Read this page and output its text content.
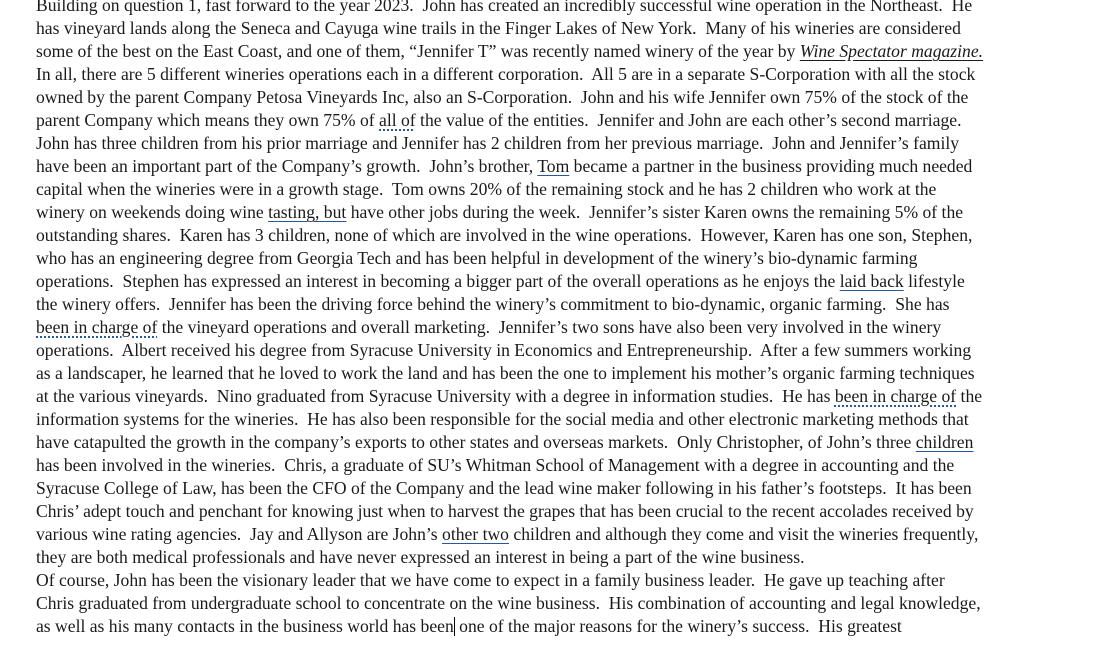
Building on question 1, fast forward to the year 2023.  John has created an incredibly successful wine operation in the Northeast.  He
has vineyard lands along the Seneca and Cayuga wine trails in the Finger Lakes of New York.  Many of his wineries are considered
some of the best on the East Coast, and one of them, “Jennifer T” was recently named winery of the year by Wine Spectator magazine.
In all, there are 5 different wineries operations each in a different corporation.  All 5 are in a separate S-Corporation with all the stock
owned by the parent Company Petosa Vineyards Inc, also an S-Corporation.  John and his wife Jennifer own 75% of the stock of the
parent Company which means they own 75% of all of the value of the entities.  Jennifer and John are each other’s second marriage.
John has three children from his prior marriage and Jennifer has 2 children from her previous marriage.  John and Jennifer’s family
have been an important part of the Company’s growth.  John’s brother, Tom became a partner in the business providing much needed
capital when the wineries were in a growth stage.  Tom owns 20% of the remaining stock and he has 2 children who work at the
winery on weekends doing wine tasting, but have other jobs during the week.  Jennifer’s sister Karen owns the remaining 5% of the
outstanding shares.  Karen has 3 children, none of which are involved in the wine operations.  However, Karen has one son, Stephen,
who has an engineering degree from Georgia Tech and has been helpful in development of the winery’s bio-dynamic farming
operations.  Stephen has expressed an interest in becoming a bigger part of the overall operations as he enjoys the laid back lifestyle
the winery offers.  Jennifer has been the driving force behind the winery’s commitment to bio-dynamic, organic farming.  She has
been in charge of the vineyard operations and overall marketing.  Jennifer’s two sons have also been very involved in the winery
operations.  Albert received his degree from Syracuse University in Economics and Entrepreneurship.  After a few summers working
as a landscaper, he learned that he loved to work the land and has been the one to implement his mother’s organic farming techniques
at the various vineyards.  Nino graduated from Syracuse University with a degree in information studies.  He has been in charge of the
information systems for the wineries.  He has also been responsible for the social media and other electronic marketing methods that
have catapulted the growth in the company’s exports to other states and overseas markets.  Only Christopher, of John’s three children
has been involved in the wineries.  Chris, a graduate of SU’s Whitman School of Management with a degree in accounting and the
Syracuse College of Law, has been the CFO of the Company and the lead wine maker following in his father’s footsteps.  It has been
Chris’ adept touch and penchant for knowing just when to harvest the grapes that has been crucial to the recent accolades received by
various wine rating agencies.  Jay and Allyson are John’s other two children and although they come and visit the wineries frequently,
they are both medical professionals and have never expressed an interest in being a part of the wine business.
Of course, John has been the visionary leader that we have come to expect in a family business leader.  He gave up teaching after
Chris graduated from undergraduate school to concentrate on the wine business.  His combination of accounting and legal knowledge,
as well as his many contacts in the business world has been one of the major reasons for the winery’s success.  His greatest
